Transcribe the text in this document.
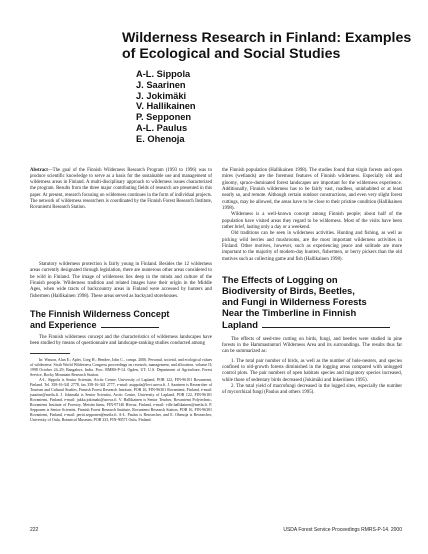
Wilderness Research in Finland: Examples of Ecological and Social Studies
A-L. Sippola
J. Saarinen
J. Jokimäki
V. Hallikainen
P. Sepponen
A-L. Paulus
E. Ohenoja

Abstract—The goal of the Finnish Wilderness Research Program (1993 to 1996) was to produce scientific knowledge to serve as a basis for the sustainable use and management of wilderness areas in Finland. A multi-disciplinary approach to wilderness issues characterized the program. Results from the three major contributing fields of research are presented in this paper. At present, research focusing on wilderness continues in the form of individual projects. The network of wilderness researchers is coordinated by the Finnish Forest Research Institute, Rovaniemi Research Station.

Statutory wilderness protection is fairly young in Finland. Besides the 12 wilderness areas currently designated through legislation, there are numerous other areas considered to be wild in Finland. The image of wilderness lies deep in the minds and culture of the Finnish people. Wilderness tradition and related images have their origin in the Middle Ages, when wide tracts of backcountry areas in Finland were accessed by hunters and fishermen (Hallikainen 1998). These areas served as backyard storehouses.

The Finnish Wilderness Concept
and Experience

The Finnish wilderness concept and the characteristics of wilderness landscapes have been studied by means of questionnaire and landscape-ranking studies conducted among

In: Watson, Alan E.; Aplet, Greg H.; Hendee, John C., comps. 2000. Personal, societal, and ecological values of wilderness: Sixth World Wilderness Congress proceedings on research, management, and allocation, volume II; 1998 October 24–29; Bangalore, India. Proc. RMRS-P-14. Ogden, UT: U.S. Department of Agriculture, Forest Service, Rocky Mountain Research Station.

A-L. Sippola is Senior Scientist, Arctic Centre, University of Lapland, POB 122, FIN-96101 Rovaniemi, Finland. Tel. 358-16-341 2778, fax 358-16-341 2777, e-mail: asippola@levi.urova.fi. J. Saarinen is Researcher of Tourism and Cultural Studies, Finnish Forest Research Institute, POB 16, FIN-96301 Rovaniemi, Finland, e-mail: jsaarine@metla.fi. J. Jokimäki is Senior Scientist, Arctic Centre, University of Lapland, POB 122, FIN-96101 Rovaniemi, Finland, e-mail: jukka.jokimaki@urova.fi. V. Hallikainen is Senior Teacher, Rovaniemi Polytechnic, Rovaniemi Institute of Forestry, Metsän hirnu, FIN-97140 Hirvas, Finland, e-mail: ville.hallikainen@metla.fi. P. Sepponen is Senior Scientist, Finnish Forest Research Institute, Rovaniemi Research Station, POB 16, FIN-96301 Rovaniemi, Finland, e-mail: pertti.sepponen@metla.fi. A-L. Paulus is Researcher, and E. Ohenoja is Researcher, University of Oulu, Botanical Museum, POB 333, FIN-90571 Oulu, Finland.

the Finnish population (Hallikainen 1998). The studies found that virgin forests and open mires (wetlands) are the foremost features of Finnish wilderness. Especially old and gloomy, spruce-dominated forest landscapes are important for the wilderness experience. Additionally, Finnish wilderness has to be fairly vast, roadless, uninhabited or at least nearly so, and remote. Although certain outdoor constructions, and even very slight forest cuttings, may be allowed, the areas have to be close to their pristine condition (Hallikainen 1998).

Wilderness is a well-known concept among Finnish people; about half of the population have visited areas they regard to be wilderness. Most of the visits have been rather brief, lasting only a day or a weekend.

Old traditions can be seen in wilderness activities. Hunting and fishing, as well as picking wild berries and mushrooms, are the most important wilderness activities in Finland. Other motives, however, such as experiencing peace and solitude are more important to the majority of modern-day hunters, fishermen, or berry pickers than the old motives such as collecting game and fish (Hallikainen 1998).

The Effects of Logging on
Biodiversity of Birds, Beetles,
and Fungi in Wilderness Forests
Near the Timberline in Finnish
Lapland

The effects of seed-tree cutting on birds, fungi, and beetles were studied in pine forests in the Hammastunturi Wilderness Area and its surroundings. The results thus far can be summarized as:

1. The total pair number of birds, as well as the number of hole-nesters, and species confined to old-growth forests diminished in the logging areas compared with unlogged control plots. The pair numbers of open habitats species and migratory species increased, while those of sedentary birds decreased (Jokimäki and Inkeröinen 1995).

2. The total yield of macrofungi decreased in the logged sites, especially the number of mycorrhizal fungi (Paulus and others 1995).

222	USDA Forest Service Proceedings RMRS-P-14. 2000
